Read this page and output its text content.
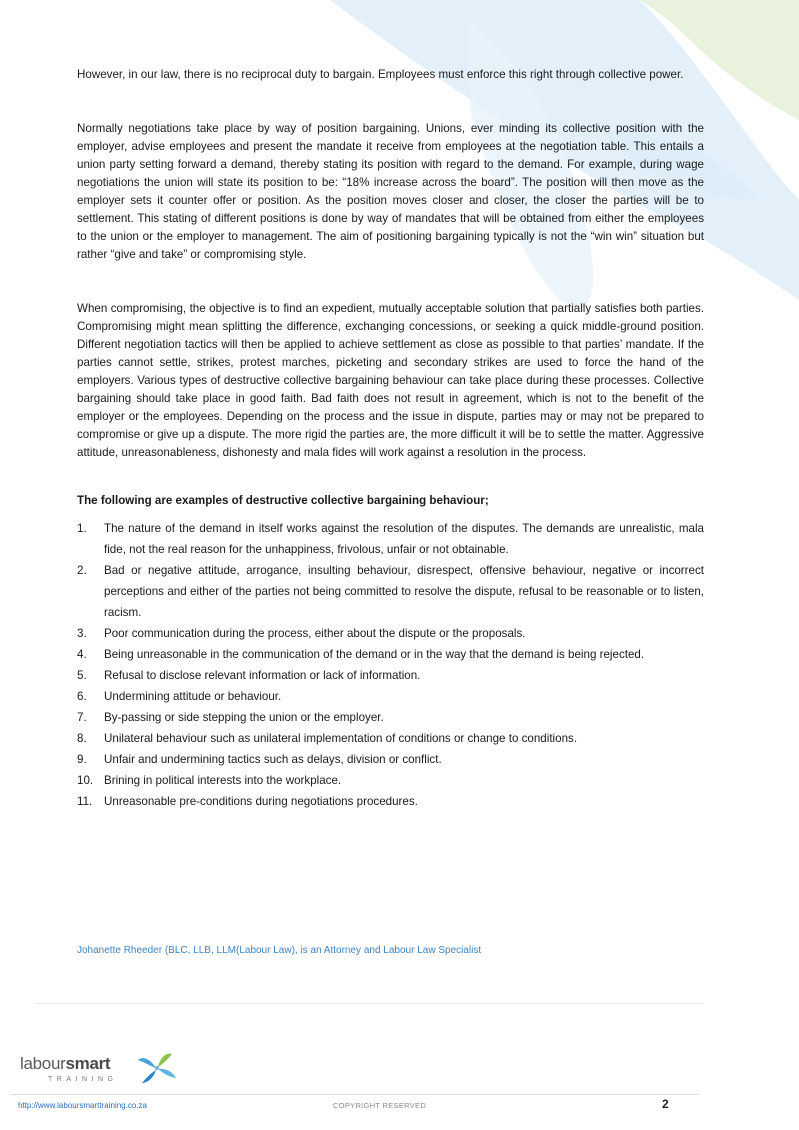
However, in our law, there is no reciprocal duty to bargain. Employees must enforce this right through collective power.

Normally negotiations take place by way of position bargaining. Unions, ever minding its collective position with the employer, advise employees and present the mandate it receive from employees at the negotiation table. This entails a union party setting forward a demand, thereby stating its position with regard to the demand. For example, during wage negotiations the union will state its position to be: “18% increase across the board”. The position will then move as the employer sets it counter offer or position. As the position moves closer and closer, the closer the parties will be to settlement. This stating of different positions is done by way of mandates that will be obtained from either the employees to the union or the employer to management. The aim of positioning bargaining typically is not the “win win” situation but rather “give and take” or compromising style.

When compromising, the objective is to find an expedient, mutually acceptable solution that partially satisfies both parties. Compromising might mean splitting the difference, exchanging concessions, or seeking a quick middle-ground position. Different negotiation tactics will then be applied to achieve settlement as close as possible to that parties’ mandate. If the parties cannot settle, strikes, protest marches, picketing and secondary strikes are used to force the hand of the employers. Various types of destructive collective bargaining behaviour can take place during these processes. Collective bargaining should take place in good faith. Bad faith does not result in agreement, which is not to the benefit of the employer or the employees. Depending on the process and the issue in dispute, parties may or may not be prepared to compromise or give up a dispute. The more rigid the parties are, the more difficult it will be to settle the matter. Aggressive attitude, unreasonableness, dishonesty and mala fides will work against a resolution in the process.

The following are examples of destructive collective bargaining behaviour;

1.	The nature of the demand in itself works against the resolution of the disputes. The demands are unrealistic, mala fide, not the real reason for the unhappiness, frivolous, unfair or not obtainable.
2.	Bad or negative attitude, arrogance, insulting behaviour, disrespect, offensive behaviour, negative or incorrect perceptions and either of the parties not being committed to resolve the dispute, refusal to be reasonable or to listen, racism.
3.	Poor communication during the process, either about the dispute or the proposals.
4.	Being unreasonable in the communication of the demand or in the way that the demand is being rejected.
5.	Refusal to disclose relevant information or lack of information.
6.	Undermining attitude or behaviour.
7.	By-passing or side stepping the union or the employer.
8.	Unilateral behaviour such as unilateral implementation of conditions or change to conditions.
9.	Unfair and undermining tactics such as delays, division or conflict.
10. Brining in political interests into the workplace.
11.	Unreasonable pre-conditions during negotiations procedures.
Johanette Rheeder (BLC, LLB, LLM(Labour Law), is an Attorney and Labour Law Specialist
laboursmart
TRAINING
http://www.laboursmarttraining.co.za	COPYRIGHT RESERVED	2
